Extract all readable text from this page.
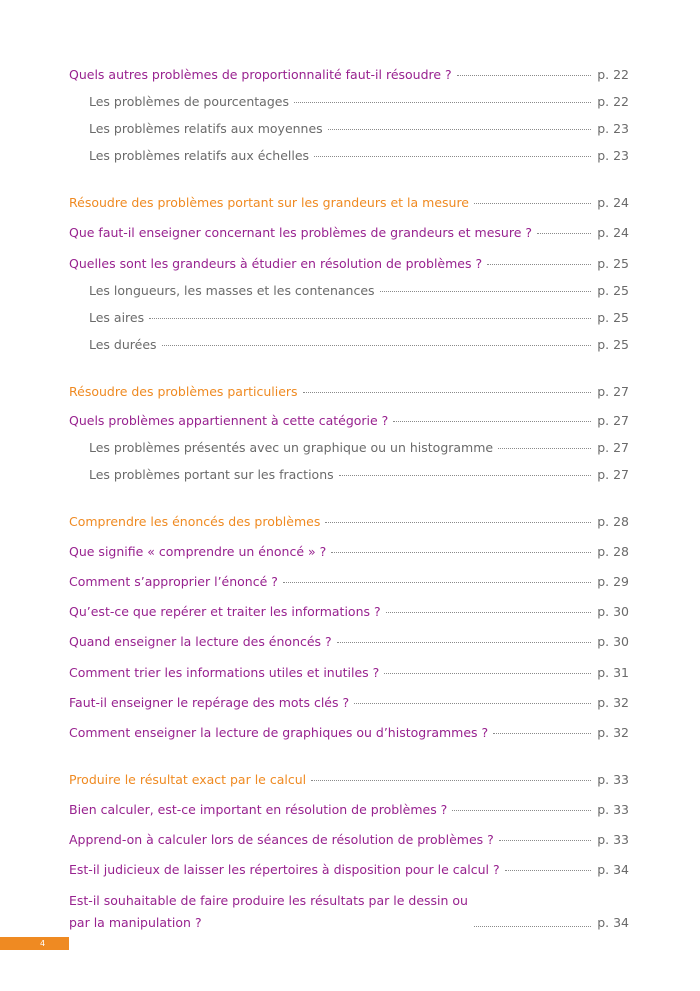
Quels autres problèmes de proportionnalité faut-il résoudre ?	p. 22
Les problèmes de pourcentages	p. 22
Les problèmes relatifs aux moyennes	p. 23
Les problèmes relatifs aux échelles	p. 23
Résoudre des problèmes portant sur les grandeurs et la mesure	p. 24
Que faut-il enseigner concernant les problèmes de grandeurs et mesure ?	p. 24
Quelles sont les grandeurs à étudier en résolution de problèmes ?	p. 25
Les longueurs, les masses et les contenances	p. 25
Les aires	p. 25
Les durées	p. 25
Résoudre des problèmes particuliers	p. 27
Quels problèmes appartiennent à cette catégorie ?	p. 27
Les problèmes présentés avec un graphique ou un histogramme	p. 27
Les problèmes portant sur les fractions	p. 27
Comprendre les énoncés des problèmes	p. 28
Que signifie « comprendre un énoncé » ?	p. 28
Comment s’approprier l’énoncé ?	p. 29
Qu’est-ce que repérer et traiter les informations ?	p. 30
Quand enseigner la lecture des énoncés ?	p. 30
Comment trier les informations utiles et inutiles ?	p. 31
Faut-il enseigner le repérage des mots clés ?	p. 32
Comment enseigner la lecture de graphiques ou d’histogrammes ?	p. 32
Produire le résultat exact par le calcul	p. 33
Bien calculer, est-ce important en résolution de problèmes ?	p. 33
Apprend-on à calculer lors de séances de résolution de problèmes ?	p. 33
Est-il judicieux de laisser les répertoires à disposition pour le calcul ?	p. 34
Est-il souhaitable de faire produire les résultats par le dessin ou par la manipulation ?	p. 34
4
